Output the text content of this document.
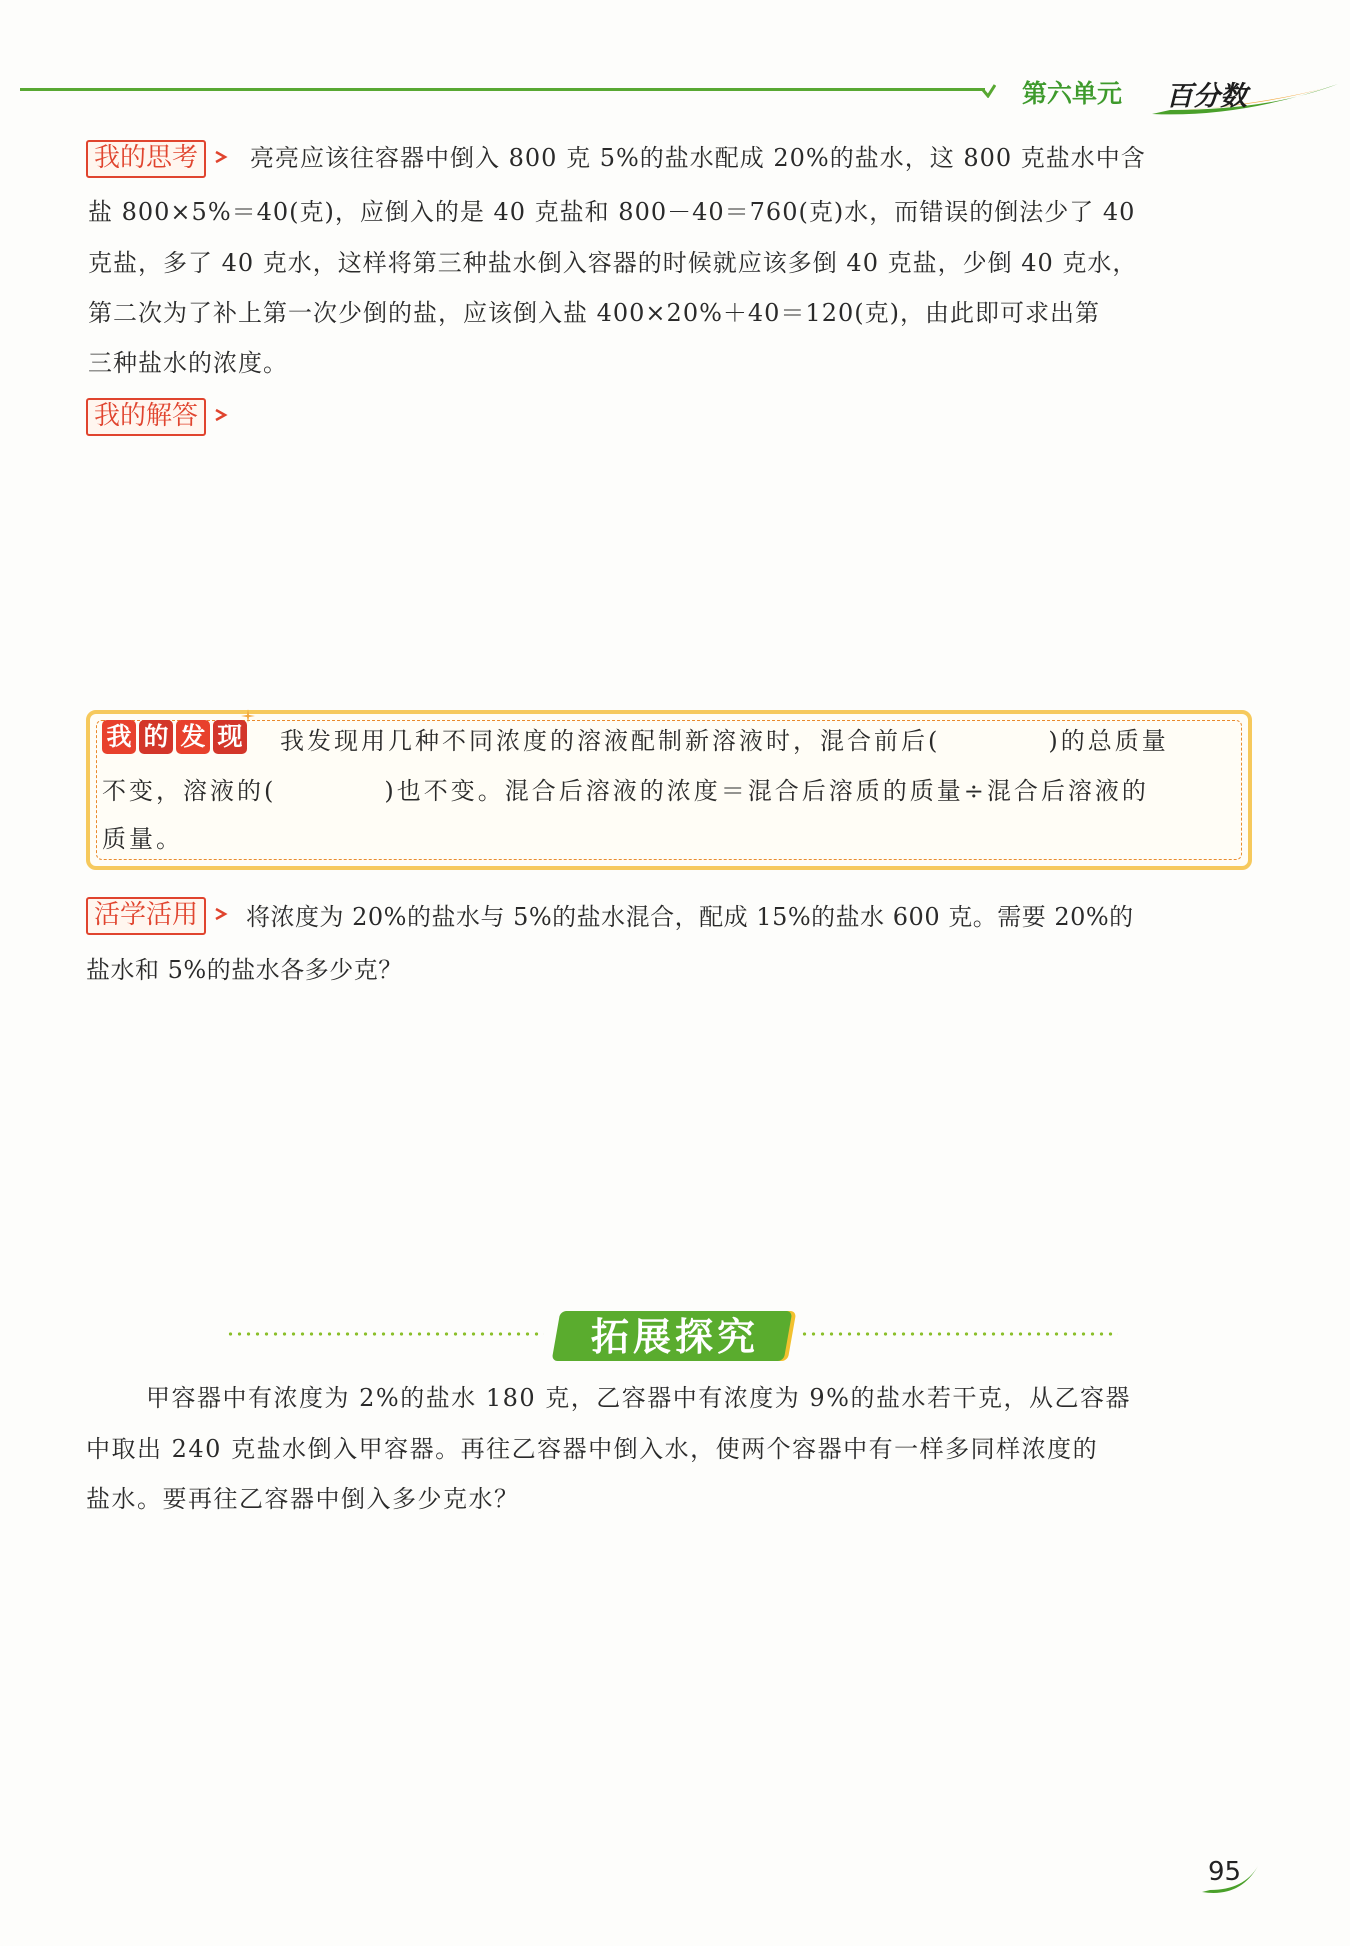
第六单元 百分数
我的思考	亮亮应该往容器中倒入 800 克 5%的盐水配成 20%的盐水，这 800 克盐水中含
盐 800×5%＝40(克)，应倒入的是 40 克盐和 800－40＝760(克)水，而错误的倒法少了 40
克盐，多了 40 克水，这样将第三种盐水倒入容器的时候就应该多倒 40 克盐，少倒 40 克水，
第二次为了补上第一次少倒的盐，应该倒入盐 400×20%＋40＝120(克)，由此即可求出第
三种盐水的浓度。
我的解答
我 的 发 现	我发现用几种不同浓度的溶液配制新溶液时，混合前后(　　　　)的总质量
不变，溶液的(　　　　)也不变。混合后溶液的浓度＝混合后溶质的质量÷混合后溶液的
质量。
活学活用	将浓度为 20%的盐水与 5%的盐水混合，配成 15%的盐水 600 克。需要 20%的
盐水和 5%的盐水各多少克？
拓展探究
甲容器中有浓度为 2%的盐水 180 克，乙容器中有浓度为 9%的盐水若干克，从乙容器
中取出 240 克盐水倒入甲容器。再往乙容器中倒入水，使两个容器中有一样多同样浓度的
盐水。要再往乙容器中倒入多少克水？
95
